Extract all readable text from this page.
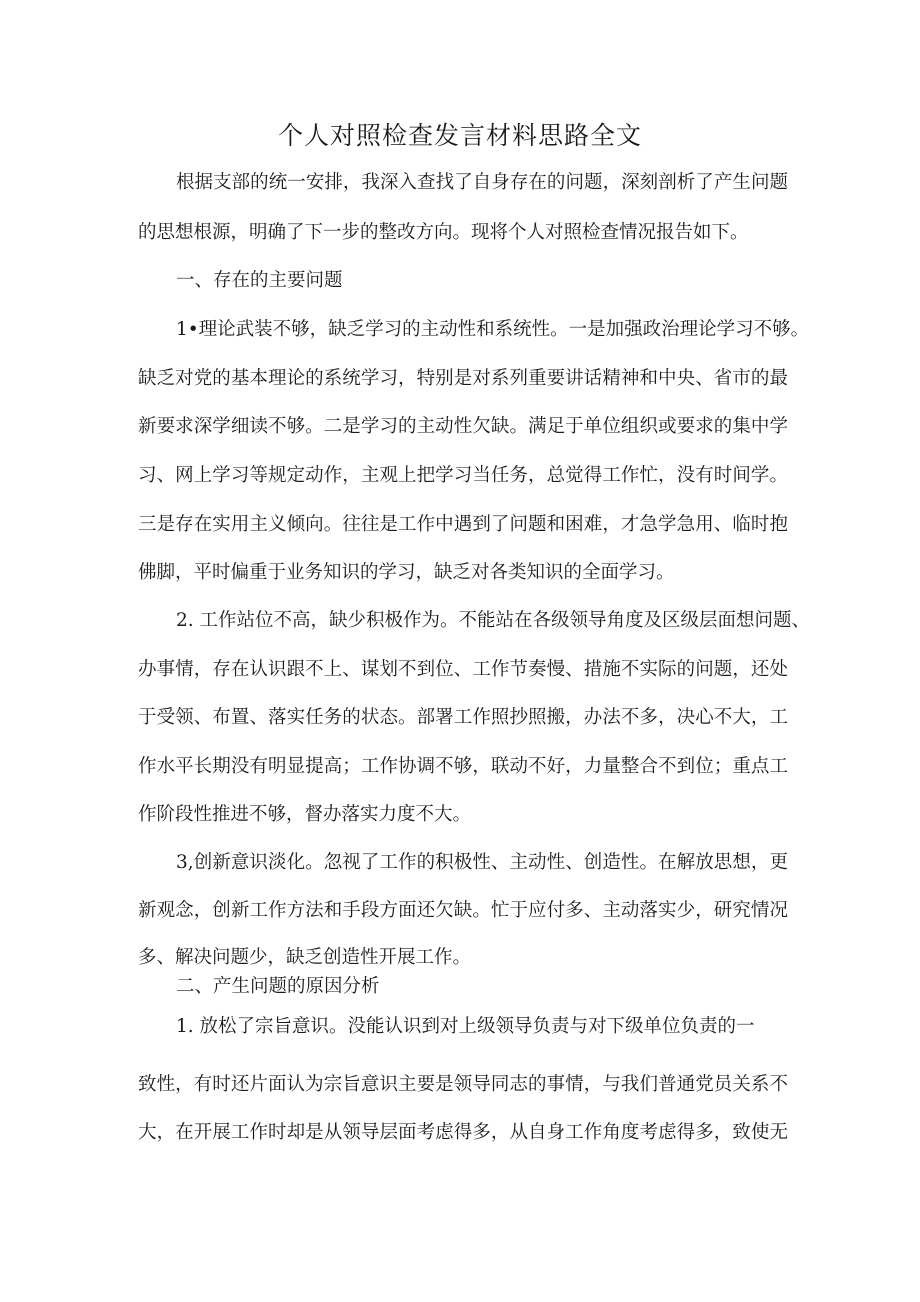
个人对照检查发言材料思路全文
根据支部的统一安排，我深入查找了自身存在的问题，深刻剖析了产生问题
的思想根源，明确了下一步的整改方向。现将个人对照检查情况报告如下。
一、存在的主要问题
1•理论武装不够，缺乏学习的主动性和系统性。一是加强政治理论学习不够。
缺乏对党的基本理论的系统学习，特别是对系列重要讲话精神和中央、省市的最
新要求深学细读不够。二是学习的主动性欠缺。满足于单位组织或要求的集中学
习、网上学习等规定动作，主观上把学习当任务，总觉得工作忙，没有时间学。
三是存在实用主义倾向。往往是工作中遇到了问题和困难，才急学急用、临时抱
佛脚，平时偏重于业务知识的学习，缺乏对各类知识的全面学习。
2. 工作站位不高，缺少积极作为。不能站在各级领导角度及区级层面想问题、
办事情，存在认识跟不上、谋划不到位、工作节奏慢、措施不实际的问题，还处
于受领、布置、落实任务的状态。部署工作照抄照搬，办法不多，决心不大，工
作水平长期没有明显提高；工作协调不够，联动不好，力量整合不到位；重点工
作阶段性推进不够，督办落实力度不大。
3,创新意识淡化。忽视了工作的积极性、主动性、创造性。在解放思想，更
新观念，创新工作方法和手段方面还欠缺。忙于应付多、主动落实少，研究情况
多、解决问题少，缺乏创造性开展工作。
二、产生问题的原因分析
1. 放松了宗旨意识。没能认识到对上级领导负责与对下级单位负责的一
致性，有时还片面认为宗旨意识主要是领导同志的事情，与我们普通党员关系不
大，在开展工作时却是从领导层面考虑得多，从自身工作角度考虑得多，致使无
